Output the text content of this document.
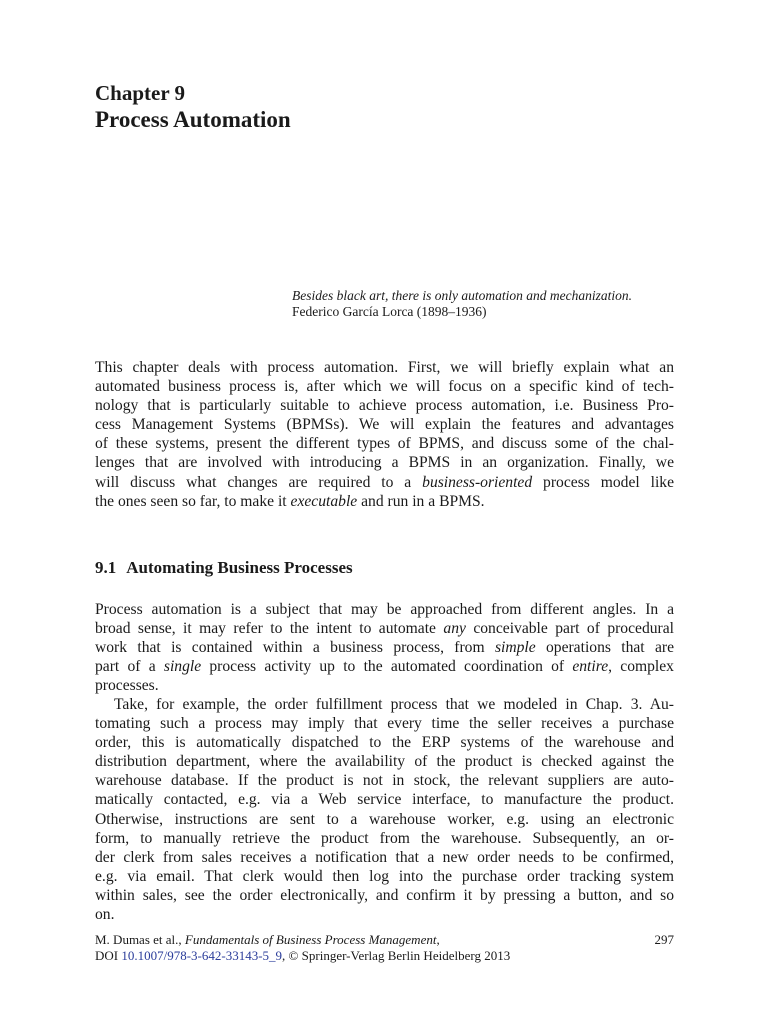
Chapter 9
Process Automation
Besides black art, there is only automation and mechanization.
Federico García Lorca (1898–1936)
This chapter deals with process automation. First, we will briefly explain what an
automated business process is, after which we will focus on a specific kind of tech-
nology that is particularly suitable to achieve process automation, i.e. Business Pro-
cess Management Systems (BPMSs). We will explain the features and advantages
of these systems, present the different types of BPMS, and discuss some of the chal-
lenges that are involved with introducing a BPMS in an organization. Finally, we
will discuss what changes are required to a business-oriented process model like
the ones seen so far, to make it executable and run in a BPMS.
9.1 Automating Business Processes
Process automation is a subject that may be approached from different angles. In a
broad sense, it may refer to the intent to automate any conceivable part of procedural
work that is contained within a business process, from simple operations that are
part of a single process activity up to the automated coordination of entire, complex
processes.
Take, for example, the order fulfillment process that we modeled in Chap. 3. Au-
tomating such a process may imply that every time the seller receives a purchase
order, this is automatically dispatched to the ERP systems of the warehouse and
distribution department, where the availability of the product is checked against the
warehouse database. If the product is not in stock, the relevant suppliers are auto-
matically contacted, e.g. via a Web service interface, to manufacture the product.
Otherwise, instructions are sent to a warehouse worker, e.g. using an electronic
form, to manually retrieve the product from the warehouse. Subsequently, an or-
der clerk from sales receives a notification that a new order needs to be confirmed,
e.g. via email. That clerk would then log into the purchase order tracking system
within sales, see the order electronically, and confirm it by pressing a button, and so
on.
M. Dumas et al., Fundamentals of Business Process Management,	297
DOI 10.1007/978-3-642-33143-5_9, © Springer-Verlag Berlin Heidelberg 2013
